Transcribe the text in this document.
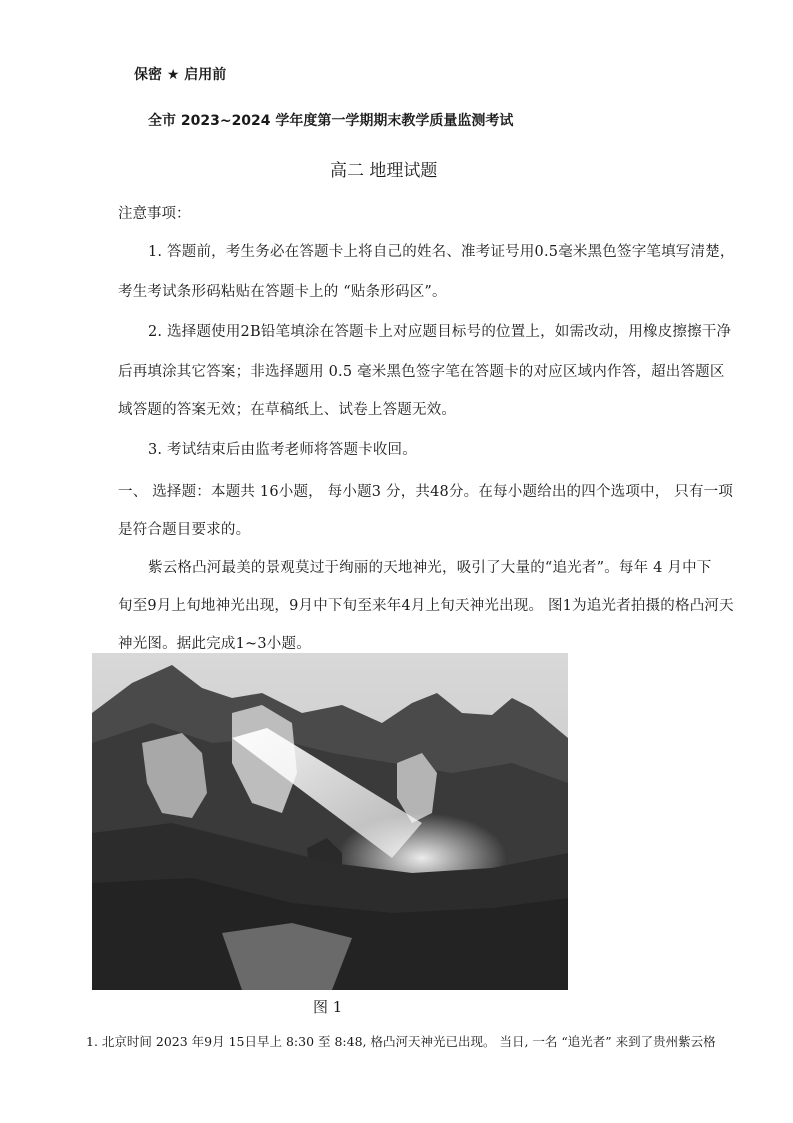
保密 ★ 启用前
全市 2023~2024 学年度第一学期期末教学质量监测考试
高二 地理试题
注意事项：
1. 答题前，考生务必在答题卡上将自己的姓名、准考证号用0.5毫米黑色签字笔填写清楚，
考生考试条形码粘贴在答题卡上的 “贴条形码区”。
2. 选择题使用2B铅笔填涂在答题卡上对应题目标号的位置上，如需改动，用橡皮擦擦干净
后再填涂其它答案；非选择题用 0.5 毫米黑色签字笔在答题卡的对应区域内作答，超出答题区
域答题的答案无效；在草稿纸上、试卷上答题无效。
3. 考试结束后由监考老师将答题卡收回。
一、 选择题：本题共 16小题， 每小题3 分，共48分。在每小题给出的四个选项中， 只有一项
是符合题目要求的。
紫云格凸河最美的景观莫过于绚丽的天地神光，吸引了大量的“追光者”。每年 4 月中下
旬至9月上旬地神光出现，9月中下旬至来年4月上旬天神光出现。 图1为追光者拍摄的格凸河天
神光图。据此完成1~3小题。
图 1
1. 北京时间 2023 年9月 15日早上 8:30 至 8:48, 格凸河天神光已出现。 当日, 一名 “追光者” 来到了贵州紫云格
